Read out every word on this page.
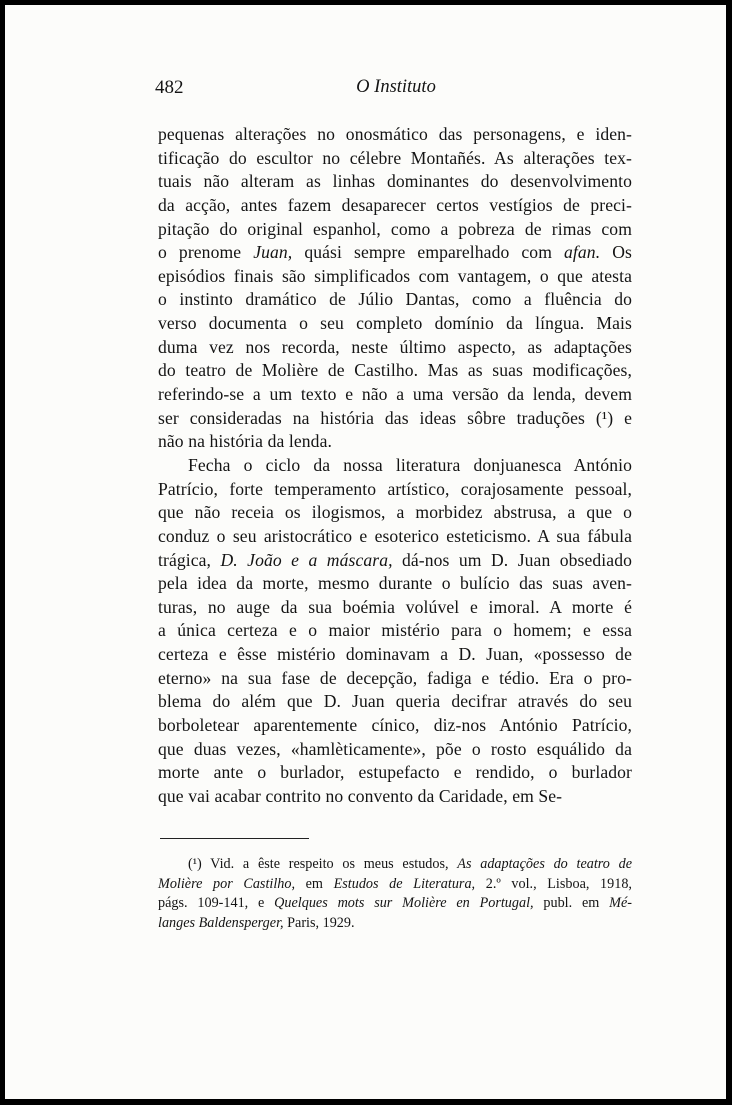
482	O Instituto
pequenas alterações no onosmático das personagens, e iden-
tificação do escultor no célebre Montañés. As alterações tex-
tuais não alteram as linhas dominantes do desenvolvimento
da acção, antes fazem desaparecer certos vestígios de preci-
pitação do original espanhol, como a pobreza de rimas com
o prenome Juan, quási sempre emparelhado com afan. Os
episódios finais são simplificados com vantagem, o que atesta
o instinto dramático de Júlio Dantas, como a fluência do
verso documenta o seu completo domínio da língua. Mais
duma vez nos recorda, neste último aspecto, as adaptações
do teatro de Molière de Castilho. Mas as suas modificações,
referindo-se a um texto e não a uma versão da lenda, devem
ser consideradas na história das ideas sôbre traduções (¹) e
não na história da lenda.
Fecha o ciclo da nossa literatura donjuanesca António
Patrício, forte temperamento artístico, corajosamente pessoal,
que não receia os ilogismos, a morbidez abstrusa, a que o
conduz o seu aristocrático e esoterico esteticismo. A sua fábula
trágica, D. João e a máscara, dá-nos um D. Juan obsediado
pela idea da morte, mesmo durante o bulício das suas aven-
turas, no auge da sua boémia volúvel e imoral. A morte é
a única certeza e o maior mistério para o homem; e essa
certeza e êsse mistério dominavam a D. Juan, «possesso de
eterno» na sua fase de decepção, fadiga e tédio. Era o pro-
blema do além que D. Juan queria decifrar através do seu
borboletear aparentemente cínico, diz-nos António Patrício,
que duas vezes, «hamlèticamente», põe o rosto esquálido da
morte ante o burlador, estupefacto e rendido, o burlador
que vai acabar contrito no convento da Caridade, em Se-
(¹) Vid. a êste respeito os meus estudos, As adaptações do teatro de
Molière por Castilho, em Estudos de Literatura, 2.º vol., Lisboa, 1918,
págs. 109-141, e Quelques mots sur Molière en Portugal, publ. em Mé-
langes Baldensperger, Paris, 1929.
